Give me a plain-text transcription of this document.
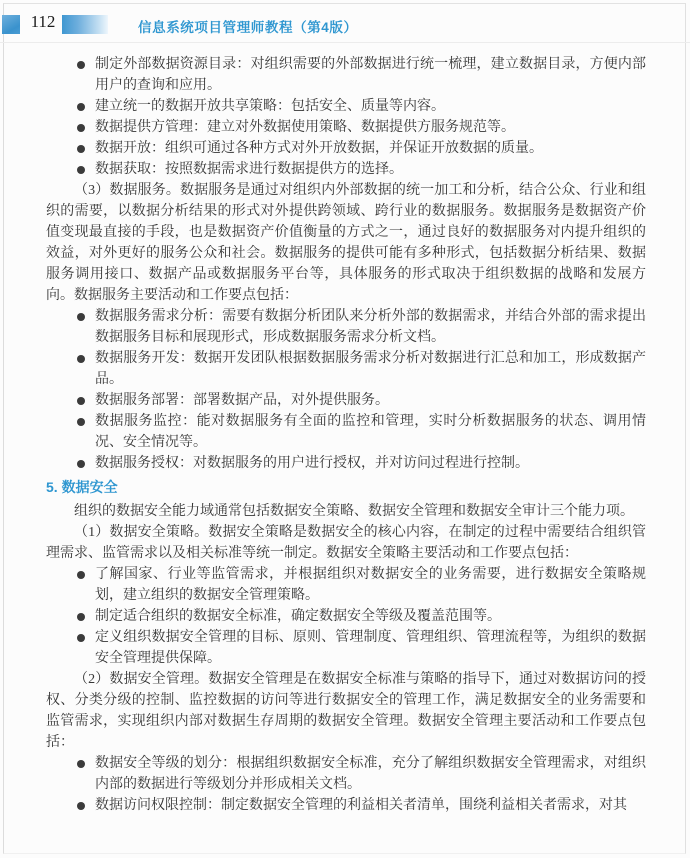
112	信息系统项目管理师教程（第4版）
制定外部数据资源目录：对组织需要的外部数据进行统一梳理，建立数据目录，方便内部用户的查询和应用。
建立统一的数据开放共享策略：包括安全、质量等内容。
数据提供方管理：建立对外数据使用策略、数据提供方服务规范等。
数据开放：组织可通过各种方式对外开放数据，并保证开放数据的质量。
数据获取：按照数据需求进行数据提供方的选择。

（3）数据服务。数据服务是通过对组织内外部数据的统一加工和分析，结合公众、行业和组织的需要，以数据分析结果的形式对外提供跨领域、跨行业的数据服务。数据服务是数据资产价值变现最直接的手段，也是数据资产价值衡量的方式之一，通过良好的数据服务对内提升组织的效益，对外更好的服务公众和社会。数据服务的提供可能有多种形式，包括数据分析结果、数据服务调用接口、数据产品或数据服务平台等，具体服务的形式取决于组织数据的战略和发展方向。数据服务主要活动和工作要点包括：

数据服务需求分析：需要有数据分析团队来分析外部的数据需求，并结合外部的需求提出数据服务目标和展现形式，形成数据服务需求分析文档。
数据服务开发：数据开发团队根据数据服务需求分析对数据进行汇总和加工，形成数据产品。
数据服务部署：部署数据产品，对外提供服务。
数据服务监控：能对数据服务有全面的监控和管理，实时分析数据服务的状态、调用情况、安全情况等。
数据服务授权：对数据服务的用户进行授权，并对访问过程进行控制。
5. 数据安全

组织的数据安全能力域通常包括数据安全策略、数据安全管理和数据安全审计三个能力项。

（1）数据安全策略。数据安全策略是数据安全的核心内容，在制定的过程中需要结合组织管理需求、监管需求以及相关标准等统一制定。数据安全策略主要活动和工作要点包括：

了解国家、行业等监管需求，并根据组织对数据安全的业务需要，进行数据安全策略规划，建立组织的数据安全管理策略。
制定适合组织的数据安全标准，确定数据安全等级及覆盖范围等。
定义组织数据安全管理的目标、原则、管理制度、管理组织、管理流程等，为组织的数据安全管理提供保障。

（2）数据安全管理。数据安全管理是在数据安全标准与策略的指导下，通过对数据访问的授权、分类分级的控制、监控数据的访问等进行数据安全的管理工作，满足数据安全的业务需要和监管需求，实现组织内部对数据生存周期的数据安全管理。数据安全管理主要活动和工作要点包括：

数据安全等级的划分：根据组织数据安全标准，充分了解组织数据安全管理需求，对组织内部的数据进行等级划分并形成相关文档。
数据访问权限控制：制定数据安全管理的利益相关者清单，围绕利益相关者需求，对其
